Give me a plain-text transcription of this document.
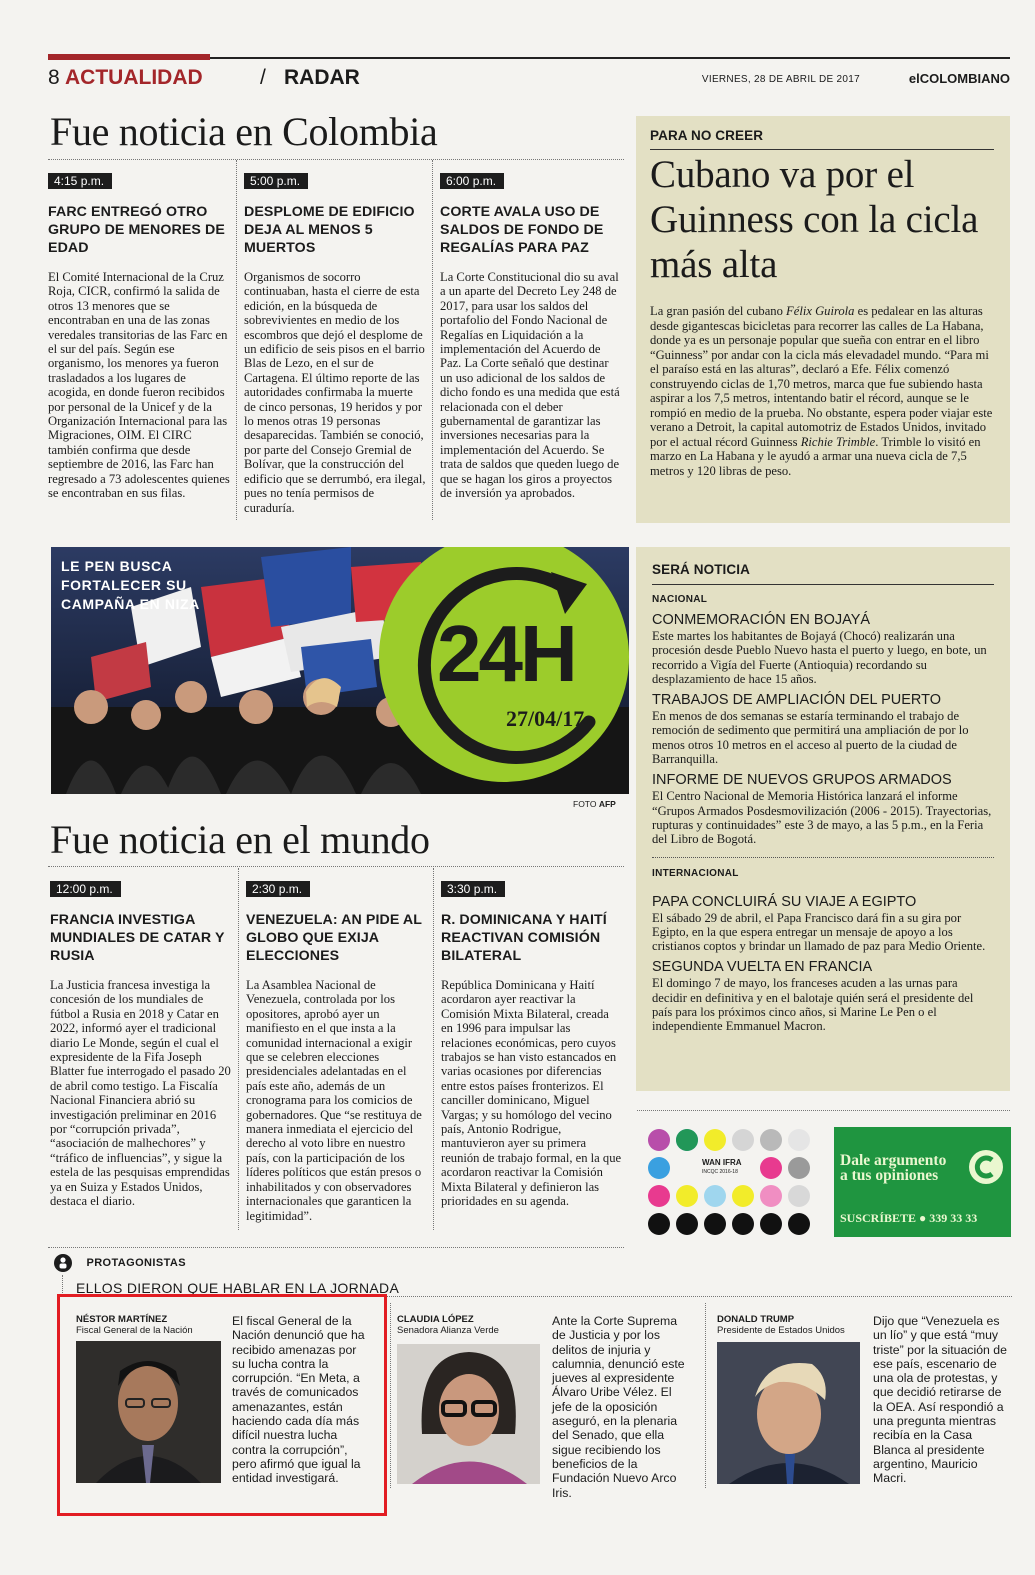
8 ACTUALIDAD	/ RADAR	VIERNES, 28 DE ABRIL DE 2017	elCOLOMBIANO
Fue noticia en Colombia
4:15 p.m.
FARC ENTREGÓ OTRO GRUPO DE MENORES DE EDAD

El Comité Internacional de la Cruz Roja, CICR, confirmó la salida de otros 13 menores que se encontraban en una de las zonas veredales transitorias de las Farc en el sur del país. Según ese organismo, los menores ya fueron trasladados a los lugares de acogida, en donde fueron recibidos por personal de la Unicef y de la Organización Internacional para las Migraciones, OIM. El CIRC también confirma que desde septiembre de 2016, las Farc han regresado a 73 adolescentes quienes se encontraban en sus filas.

5:00 p.m.
DESPLOME DE EDIFICIO DEJA AL MENOS 5 MUERTOS

Organismos de socorro continuaban, hasta el cierre de esta edición, en la búsqueda de sobrevivientes en medio de los escombros que dejó el desplome de un edificio de seis pisos en el barrio Blas de Lezo, en el sur de Cartagena. El último reporte de las autoridades confirmaba la muerte de cinco personas, 19 heridos y por lo menos otras 19 personas desaparecidas. También se conoció, por parte del Consejo Gremial de Bolívar, que la construcción del edificio que se derrumbó, era ilegal, pues no tenía permisos de curaduría.

6:00 p.m.
CORTE AVALA USO DE SALDOS DE FONDO DE REGALÍAS PARA PAZ

La Corte Constitucional dio su aval a un aparte del Decreto Ley 248 de 2017, para usar los saldos del portafolio del Fondo Nacional de Regalías en Liquidación a la implementación del Acuerdo de Paz. La Corte señaló que destinar un uso adicional de los saldos de dicho fondo es una medida que está relacionada con el deber gubernamental de garantizar las inversiones necesarias para la implementación del Acuerdo. Se trata de saldos que queden luego de que se hagan los giros a proyectos de inversión ya aprobados.

PARA NO CREER
Cubano va por el Guinness con la cicla más alta

La gran pasión del cubano Félix Guirola es pedalear en las alturas desde gigantescas bicicletas para recorrer las calles de La Habana, donde ya es un personaje popular que sueña con entrar en el libro “Guinness” por andar con la cicla más elevadadel mundo. “Para mi el paraíso está en las alturas”, declaró a Efe. Félix comenzó construyendo ciclas de 1,70 metros, marca que fue subiendo hasta aspirar a los 7,5 metros, intentando batir el récord, aunque se le rompió en medio de la prueba. No obstante, espera poder viajar este verano a Detroit, la capital automotriz de Estados Unidos, invitado por el actual récord Guinness Richie Trimble. Trimble lo visitó en marzo en La Habana y le ayudó a armar una nueva cicla de 7,5 metros y 120 libras de peso.

LE PEN BUSCA FORTALECER SU CAMPAÑA EN NIZA
24H
27/04/17
FOTO AFP
SERÁ NOTICIA
NACIONAL
CONMEMORACIÓN EN BOJAYÁ

Este martes los habitantes de Bojayá (Chocó) realizarán una procesión desde Pueblo Nuevo hasta el puerto y luego, en bote, un recorrido a Vigía del Fuerte (Antioquia) recordando su desplazamiento de hace 15 años.

TRABAJOS DE AMPLIACIÓN DEL PUERTO

En menos de dos semanas se estaría terminando el trabajo de remoción de sedimento que permitirá una ampliación de por lo menos otros 10 metros en el acceso al puerto de la ciudad de Barranquilla.

INFORME DE NUEVOS GRUPOS ARMADOS

El Centro Nacional de Memoria Histórica lanzará el informe “Grupos Armados Posdesmovilización (2006 - 2015). Trayectorias, rupturas y continuidades” este 3 de mayo, a las 5 p.m., en la Feria del Libro de Bogotá.

INTERNACIONAL
PAPA CONCLUIRÁ SU VIAJE A EGIPTO

El sábado 29 de abril, el Papa Francisco dará fin a su gira por Egipto, en la que espera entregar un mensaje de apoyo a los cristianos coptos y brindar un llamado de paz para Medio Oriente.

SEGUNDA VUELTA EN FRANCIA

El domingo 7 de mayo, los franceses acuden a las urnas para decidir en definitiva y en el balotaje quién será el presidente del país para los próximos cinco años, si Marine Le Pen o el independiente Emmanuel Macron.

Fue noticia en el mundo
12:00 p.m.
FRANCIA INVESTIGA MUNDIALES DE CATAR Y RUSIA

La Justicia francesa investiga la concesión de los mundiales de fútbol a Rusia en 2018 y Catar en 2022, informó ayer el tradicional diario Le Monde, según el cual el expresidente de la Fifa Joseph Blatter fue interrogado el pasado 20 de abril como testigo. La Fiscalía Nacional Financiera abrió su investigación preliminar en 2016 por “corrupción privada”, “asociación de malhechores” y “tráfico de influencias”, y sigue la estela de las pesquisas emprendidas ya en Suiza y Estados Unidos, destaca el diario.

2:30 p.m.
VENEZUELA: AN PIDE AL GLOBO QUE EXIJA ELECCIONES

La Asamblea Nacional de Venezuela, controlada por los opositores, aprobó ayer un manifiesto en el que insta a la comunidad internacional a exigir que se celebren elecciones presidenciales adelantadas en el país este año, además de un cronograma para los comicios de gobernadores. Que “se restituya de manera inmediata el ejercicio del derecho al voto libre en nuestro país, con la participación de los líderes políticos que están presos o inhabilitados y con observadores internacionales que garanticen la legitimidad”.

3:30 p.m.
R. DOMINICANA Y HAITÍ REACTIVAN COMISIÓN BILATERAL

República Dominicana y Haití acordaron ayer reactivar la Comisión Mixta Bilateral, creada en 1996 para impulsar las relaciones económicas, pero cuyos trabajos se han visto estancados en varias ocasiones por diferencias entre estos países fronterizos. El canciller dominicano, Miguel Vargas; y su homólogo del vecino país, Antonio Rodrigue, mantuvieron ayer su primera reunión de trabajo formal, en la que acordaron reactivar la Comisión Mixta Bilateral y definieron las prioridades en su agenda.

WAN IFRA
INCQC 2016-18
Dale argumento
a tus opiniones
SUSCRÍBETE ● 339 33 33
PROTAGONISTAS
ELLOS DIERON QUE HABLAR EN LA JORNADA
NÉSTOR MARTÍNEZ
Fiscal General de la Nación
El fiscal General de la Nación denunció que ha recibido amenazas por su lucha contra la corrupción. “En Meta, a través de comunicados amenazantes, están haciendo cada día más difícil nuestra lucha contra la corrupción”, pero afirmó que igual la entidad investigará.
CLAUDIA LÓPEZ
Senadora Alianza Verde
Ante la Corte Suprema de Justicia y por los delitos de injuria y calumnia, denunció este jueves al expresidente Álvaro Uribe Vélez. El jefe de la oposición aseguró, en la plenaria del Senado, que ella sigue recibiendo los beneficios de la Fundación Nuevo Arco Iris.
DONALD TRUMP
Presidente de Estados Unidos
Dijo que “Venezuela es un lío” y que está “muy triste” por la situación de ese país, escenario de una ola de protestas, y que decidió retirarse de la OEA. Así respondió a una pregunta mientras recibía en la Casa Blanca al presidente argentino, Mauricio Macri.
